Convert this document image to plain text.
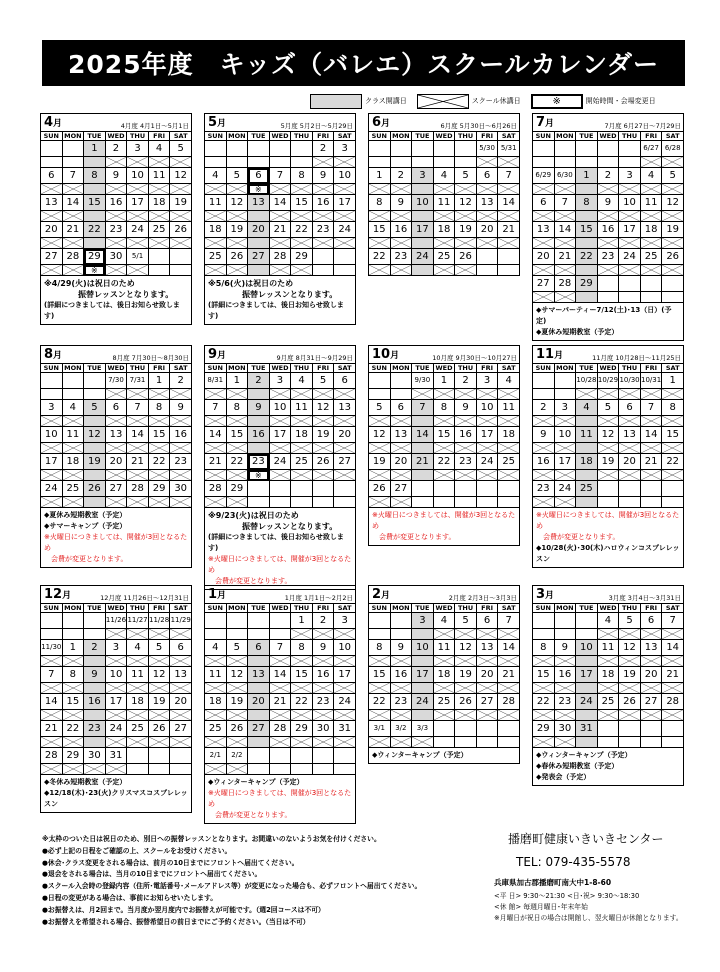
2025年度　キッズ（バレエ）スクールカレンダー
クラス開講日	スクール休講日	※	開始時間・会場変更日
4月	4月度 4月1日～5月1日
SUN	MON	TUE	WED	THU	FRI	SAT
		1	2	3	4	5

6	7	8	9	10	11	12

13	14	15	16	17	18	19

20	21	22	23	24	25	26

27	28	29	30	5/1		

	※	

※4/29(火)は祝日のため
振替レッスンとなります。
(詳細につきましては、後日お知らせ致します)
5月	5月度 5月2日～5月29日
SUN	MON	TUE	WED	THU	FRI	SAT
					2	3

4	5	6	7	8	9	10

	※	

11	12	13	14	15	16	17

18	19	20	21	22	23	24

25	26	27	28	29		

※5/6(火)は祝日のため
振替レッスンとなります。
(詳細につきましては、後日お知らせ致します)
6月	6月度 5月30日～6月26日
SUN	MON	TUE	WED	THU	FRI	SAT
					5/30	5/31

1	2	3	4	5	6	7

8	9	10	11	12	13	14

15	16	17	18	19	20	21

22	23	24	25	26		

7月	7月度 6月27日～7月29日
SUN	MON	TUE	WED	THU	FRI	SAT
					6/27	6/28

6/29	6/30	1	2	3	4	5

6	7	8	9	10	11	12

13	14	15	16	17	18	19

20	21	22	23	24	25	26

27	28	29				

◆サマーパーティー7/12(土)･13（日）(予定)
◆夏休み短期教室（予定）
8月	8月度 7月30日～8月30日
SUN	MON	TUE	WED	THU	FRI	SAT
			7/30	7/31	1	2

3	4	5	6	7	8	9

10	11	12	13	14	15	16

17	18	19	20	21	22	23

24	25	26	27	28	29	30

◆夏休み短期教室（予定）
◆サマーキャンプ（予定）
※火曜日につきましては、開催が3回となるため
会費が変更となります。
9月	9月度 8月31日～9月29日
SUN	MON	TUE	WED	THU	FRI	SAT
8/31	1	2	3	4	5	6

7	8	9	10	11	12	13

14	15	16	17	18	19	20

21	22	23	24	25	26	27

	※	

28	29					

※9/23(火)は祝日のため
振替レッスンとなります。
(詳細につきましては、後日お知らせ致します)
※火曜日につきましては、開催が3回となるため
会費が変更となります。
10月	10月度 9月30日～10月27日
SUN	MON	TUE	WED	THU	FRI	SAT
		9/30	1	2	3	4

5	6	7	8	9	10	11

12	13	14	15	16	17	18

19	20	21	22	23	24	25

26	27					

※火曜日につきましては、開催が3回となるため
会費が変更となります。
11月	11月度 10月28日～11月25日
SUN	MON	TUE	WED	THU	FRI	SAT
		10/28	10/29	10/30	10/31	1

2	3	4	5	6	7	8

9	10	11	12	13	14	15

16	17	18	19	20	21	22

23	24	25				

※火曜日につきましては、開催が3回となるため
会費が変更となります。
◆10/28(火)･30(木)ハロウィンコスプレレッスン
12月	12月度 11月26日～12月31日
SUN	MON	TUE	WED	THU	FRI	SAT
			11/26	11/27	11/28	11/29

11/30	1	2	3	4	5	6

7	8	9	10	11	12	13

14	15	16	17	18	19	20

21	22	23	24	25	26	27

28	29	30	31			

◆冬休み短期教室（予定）
◆12/18(木)･23(火)クリスマスコスプレレッスン
1月	1月度 1月1日～2月2日
SUN	MON	TUE	WED	THU	FRI	SAT
				1	2	3

4	5	6	7	8	9	10

11	12	13	14	15	16	17

18	19	20	21	22	23	24

25	26	27	28	29	30	31

2/1	2/2					

◆ウィンターキャンプ（予定）
※火曜日につきましては、開催が3回となるため
会費が変更となります。
2月	2月度 2月3日～3月3日
SUN	MON	TUE	WED	THU	FRI	SAT
		3	4	5	6	7

8	9	10	11	12	13	14

15	16	17	18	19	20	21

22	23	24	25	26	27	28

3/1	3/2	3/3				

◆ウィンターキャンプ（予定）
3月	3月度 3月4日～3月31日
SUN	MON	TUE	WED	THU	FRI	SAT
			4	5	6	7

8	9	10	11	12	13	14

15	16	17	18	19	20	21

22	23	24	25	26	27	28

29	30	31				

◆ウィンターキャンプ（予定）
◆春休み短期教室（予定）
◆発表会（予定）
※太枠のついた日は祝日のため、別日への振替レッスンとなります。お間違いのないようお気を付けください。
●必ず上記の日程をご確認の上、スクールをお受けください。
●休会･クラス変更をされる場合は、前月の10日までにフロントへ届出てください。
●退会をされる場合は、当月の10日までにフロントへ届出てください。
●スクール入会時の登録内容（住所･電話番号･メールアドレス等）が変更になった場合も、必ずフロントへ届出てください。
●日程の変更がある場合は、事前にお知らせいたします。
●お振替えは、月2回まで。当月度か翌月度内でお振替えが可能です。（週2回コースは不可）
●お振替えを希望される場合、振替希望日の前日までにご予約ください。（当日は不可）
播磨町健康いきいきセンター
TEL: 079-435-5578
兵庫県加古郡播磨町南大中1-8-60
<平 日> 9:30～21:30 <日･祝> 9:30～18:30
<休 館> 毎週月曜日･年末年始
※月曜日が祝日の場合は開館し、翌火曜日が休館となります。
